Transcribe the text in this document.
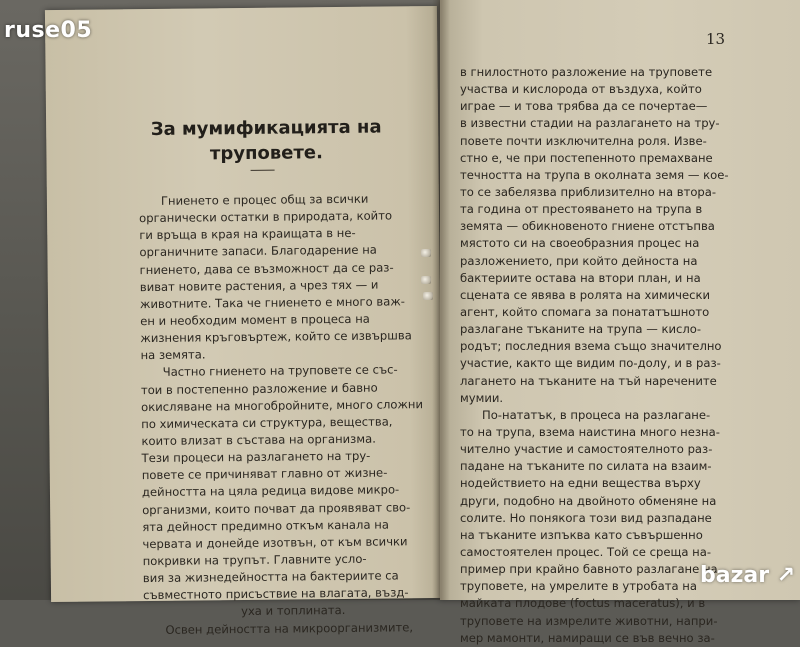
За мумификацията на труповете.
Гниенето е процес общ за всички
органически остатки в природата, който
ги връща в края на краищата в не-
органичните запаси. Благодарение на
гниенето, дава се възможност да се раз-
виват новите растения, а чрез тях — и
животните. Така че гниенето е много важ-
ен и необходим момент в процеса на
жизнения кръговъртеж, който се извършва
на земята.
Частно гниенето на труповете се със-
тои в постепенно разложение и бавно
окисляване на многобройните, много сложни
по химическата си структура, вещества,
които влизат в състава на организма.
Тези процеси на разлагането на тру-
повете се причиняват главно от жизне-
дейността на цяла редица видове микро-
организми, които почват да проявяват сво-
ята дейност предимно откъм канала на
червата и донейде изотвън, от към всички
покривки на трупът. Главните усло-
вия за жизнедейността на бактериите са
съвместното присъствие на влагата, възд-
уха и топлината.
Освен дейността на микроорганизмите,
13
в гнилостното разложение на труповете
участва и кислорода от въздуха, който
играе — и това трябва да се почертае—
в известни стадии на разлагането на тру-
повете почти изключителна роля. Изве-
стно е, че при постепенното премахване
течността на трупа в околната земя — кое-
то се забелязва приблизително на втора-
та година от престояването на трупа в
земята — обикновеното гниене отстъпва
мястото си на своеобразния процес на
разложението, при който дейноста на
бактериите остава на втори план, и на
сцената се явява в ролята на химически
агент, който спомага за понататъшното
разлагане тъканите на трупа — кисло-
родът; последния взема също значително
участие, както ще видим по-долу, и в раз-
лагането на тъканите на тъй наречените
мумии.
По-нататък, в процеса на разлагане-
то на трупа, взема наистина много незна-
чително участие и самостоятелното раз-
падане на тъканите по силата на взаим-
нодействието на едни вещества върху
други, подобно на двойното обменяне на
солите. Но понякога този вид разпадане
на тъканите изпъква като съвършенно
самостоятелен процес. Той се среща на-
пример при крайно бавното разлагане на
труповете, на умрелите в утробата на
майката плодове (foctus maceratus), и в
труповете на измрелите животни, напри-
мер мамонти, намиращи се във вечно за-
ruse05
bazar ↗
